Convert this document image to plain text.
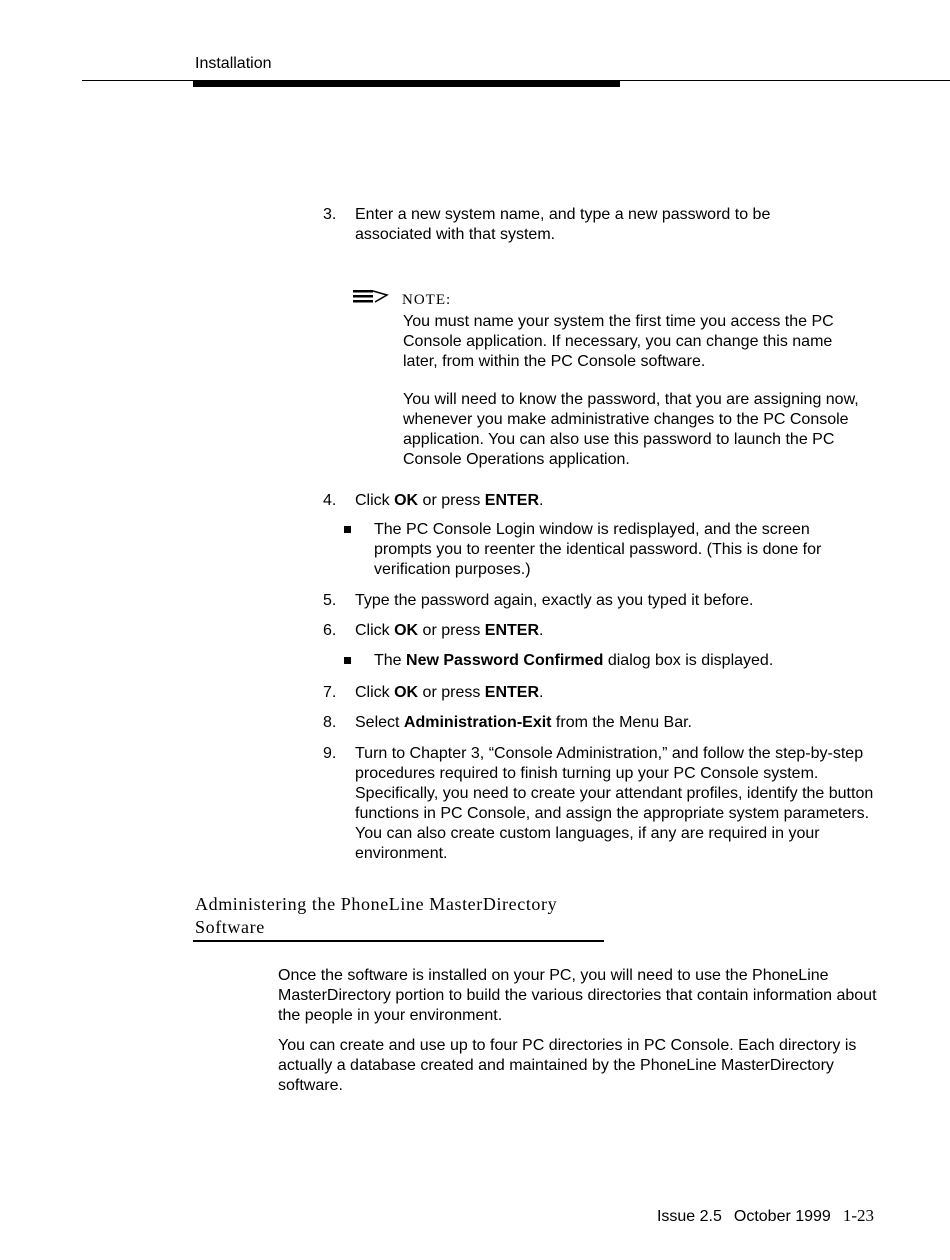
Installation
3.	Enter a new system name, and type a new password to be associated with that system.
NOTE:
You must name your system the first time you access the PC Console application. If necessary, you can change this name later, from within the PC Console software.
You will need to know the password, that you are assigning now, whenever you make administrative changes to the PC Console application. You can also use this password to launch the PC Console Operations application.
4.	Click OK or press ENTER.
The PC Console Login window is redisplayed, and the screen prompts you to reenter the identical password. (This is done for verification purposes.)
5.	Type the password again, exactly as you typed it before.
6.	Click OK or press ENTER.
The New Password Confirmed dialog box is displayed.
7.	Click OK or press ENTER.
8.	Select Administration-Exit from the Menu Bar.
9.	Turn to Chapter 3, “Console Administration,” and follow the step-by-step procedures required to finish turning up your PC Console system. Specifically, you need to create your attendant profiles, identify the button functions in PC Console, and assign the appropriate system parameters. You can also create custom languages, if any are required in your environment.
Administering the PhoneLine MasterDirectory Software
Once the software is installed on your PC, you will need to use the PhoneLine MasterDirectory portion to build the various directories that contain information about the people in your environment.
You can create and use up to four PC directories in PC Console. Each directory is actually a database created and maintained by the PhoneLine MasterDirectory software.
Issue 2.5 October 1999 1-23
